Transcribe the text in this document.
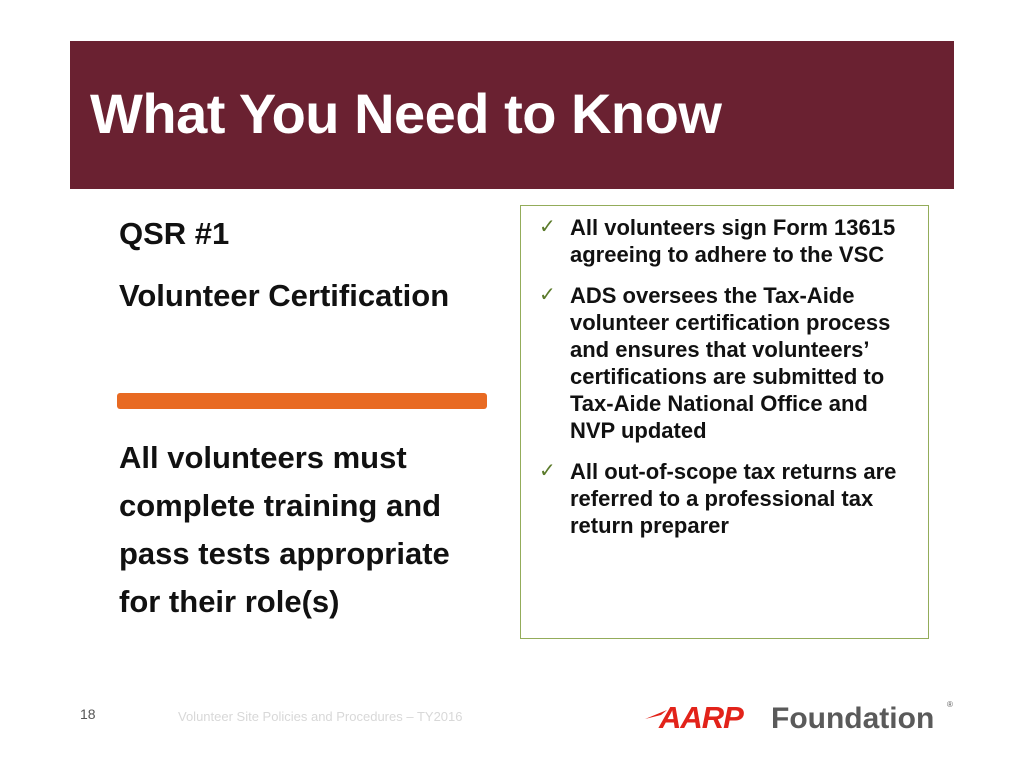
What You Need to Know
QSR #1
Volunteer Certification
All volunteers must complete training and pass tests appropriate for their role(s)
✓ All volunteers sign Form 13615 agreeing to adhere to the VSC
✓ ADS oversees the Tax-Aide volunteer certification process and ensures that volunteers’ certifications are submitted to Tax-Aide National Office and NVP updated
✓ All out-of-scope tax returns are referred to a professional tax return preparer
18	Volunteer Site Policies and Procedures – TY2016	AARP Foundation ®
